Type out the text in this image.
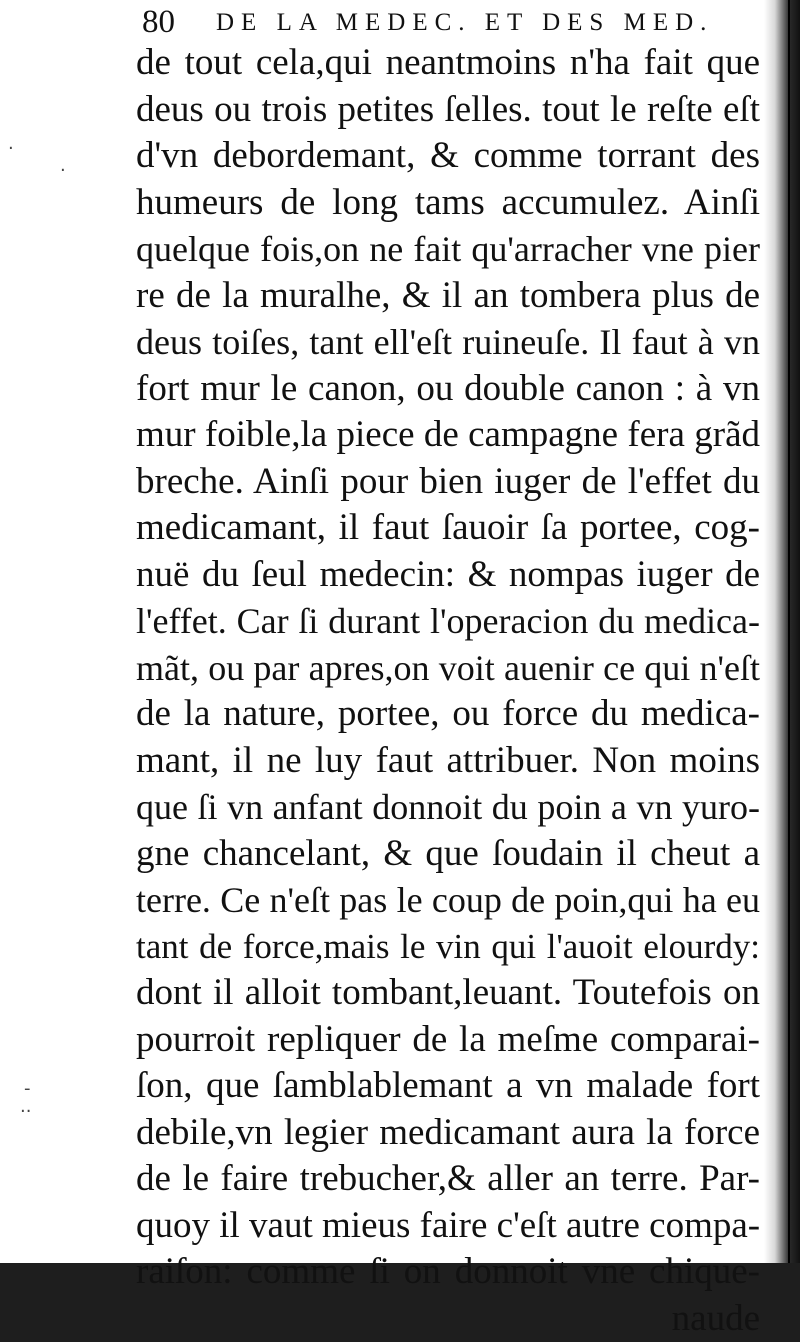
80 DE LA MEDEC. ET DES MED.
de tout cela,qui neantmoins n'ha fait que
deus ou trois petites ſelles. tout le reſte eſt
d'vn debordemant, & comme torrant des
humeurs de long tams accumulez. Ainſi
quelque fois,on ne fait qu'arracher vne pier
re de la muralhe, & il an tombera plus de
deus toiſes, tant ell'eſt ruineuſe. Il faut à vn
fort mur le canon, ou double canon : à vn
mur foible,la piece de campagne fera grãd
breche. Ainſi pour bien iuger de l'effet du
medicamant, il faut ſauoir ſa portee, cog-
nuë du ſeul medecin: & nompas iuger de
l'effet. Car ſi durant l'operacion du medica-
mãt, ou par apres,on voit auenir ce qui n'eſt
de la nature, portee, ou force du medica-
mant, il ne luy faut attribuer. Non moins
que ſi vn anfant donnoit du poin a vn yuro-
gne chancelant, & que ſoudain il cheut a
terre. Ce n'eſt pas le coup de poin,qui ha eu
tant de force,mais le vin qui l'auoit elourdy:
dont il alloit tombant,leuant. Toutefois on
pourroit repliquer de la meſme comparai-
ſon, que ſamblablemant a vn malade fort
debile,vn legier medicamant aura la force
de le faire trebucher,& aller an terre. Par-
quoy il vaut mieus faire c'eſt autre compa-
raiſon: comme ſi on donnoit vne chique-
naude
·
·
-
..
